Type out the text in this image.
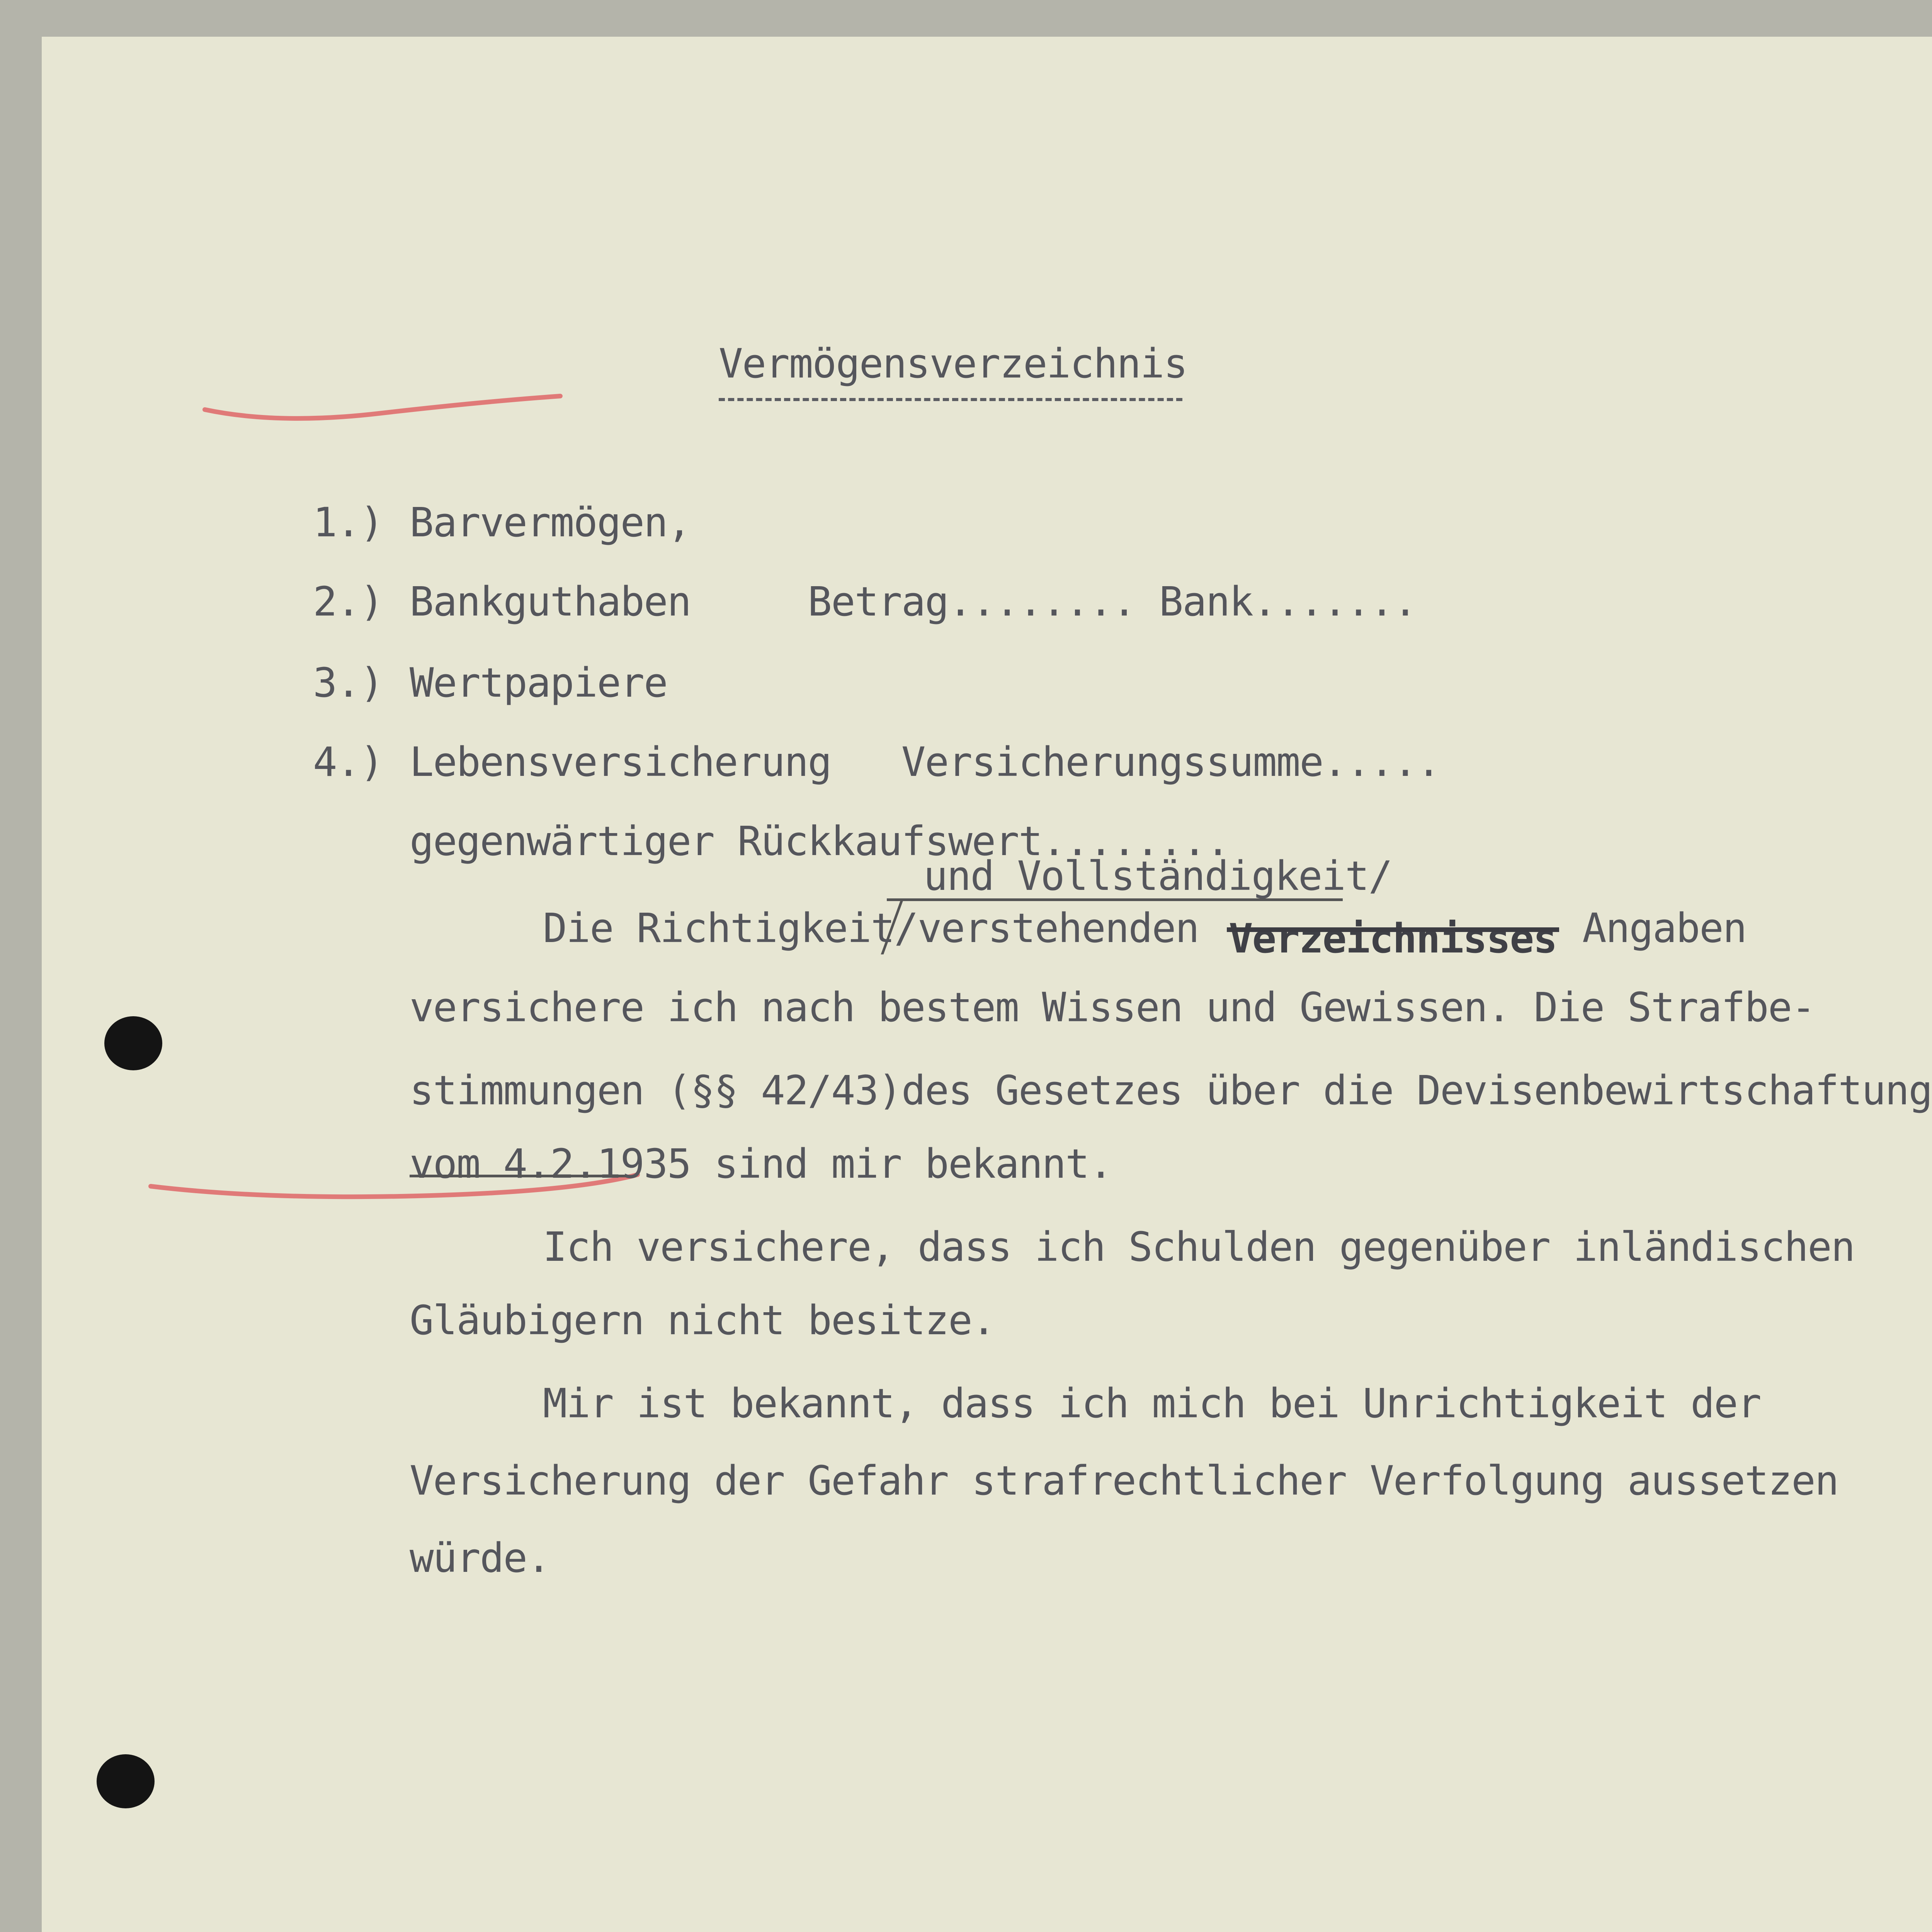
Vermögensverzeichnis
1.) Barvermögen,
2.) Bankguthaben     Betrag........ Bank.......
3.) Wertpapiere
4.) Lebensversicherung   Versicherungssumme.....
gegenwärtiger Rückkaufswert........
und Vollständigkeit/
Die Richtigkeit/verstehenden Verzeichnisses Angaben
versichere ich nach bestem Wissen und Gewissen. Die Strafbe-
stimmungen (§§ 42/43)des Gesetzes über die Devisenbewirtschaftung
vom 4.2.1935 sind mir bekannt.
Ich versichere, dass ich Schulden gegenüber inländischen
Gläubigern nicht besitze.
Mir ist bekannt, dass ich mich bei Unrichtigkeit der
Versicherung der Gefahr strafrechtlicher Verfolgung aussetzen
würde.
